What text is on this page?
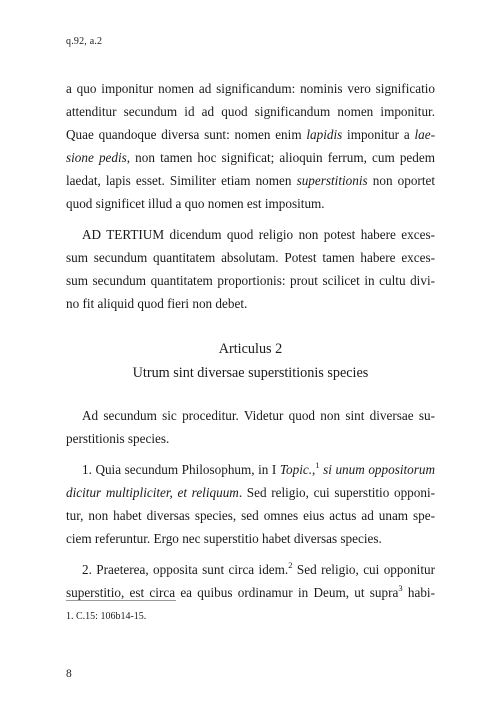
q.92, a.2
a quo imponitur nomen ad significandum: nominis vero significatio
attenditur secundum id ad quod significandum nomen imponitur.
Quae quandoque diversa sunt: nomen enim lapidis imponitur a lae-
sione pedis, non tamen hoc significat; alioquin ferrum, cum pedem
laedat, lapis esset. Similiter etiam nomen superstitionis non oportet
quod significet illud a quo nomen est impositum.
AD TERTIUM dicendum quod religio non potest habere exces-
sum secundum quantitatem absolutam. Potest tamen habere exces-
sum secundum quantitatem proportionis: prout scilicet in cultu divi-
no fit aliquid quod fieri non debet.
Articulus 2
Utrum sint diversae superstitionis species
Ad secundum sic proceditur. Videtur quod non sint diversae su-
perstitionis species.
1. Quia secundum Philosophum, in I Topic.,$^1$ si unum oppositorum
dicitur multipliciter, et reliquum. Sed religio, cui superstitio opponi-
tur, non habet diversas species, sed omnes eius actus ad unam spe-
ciem referuntur. Ergo nec superstitio habet diversas species.
2. Praeterea, opposita sunt circa idem.$^2$ Sed religio, cui opponitur
superstitio, est circa ea quibus ordinamur in Deum, ut supra$^3$ habi-
1. C.15: 106b14-15.
8
